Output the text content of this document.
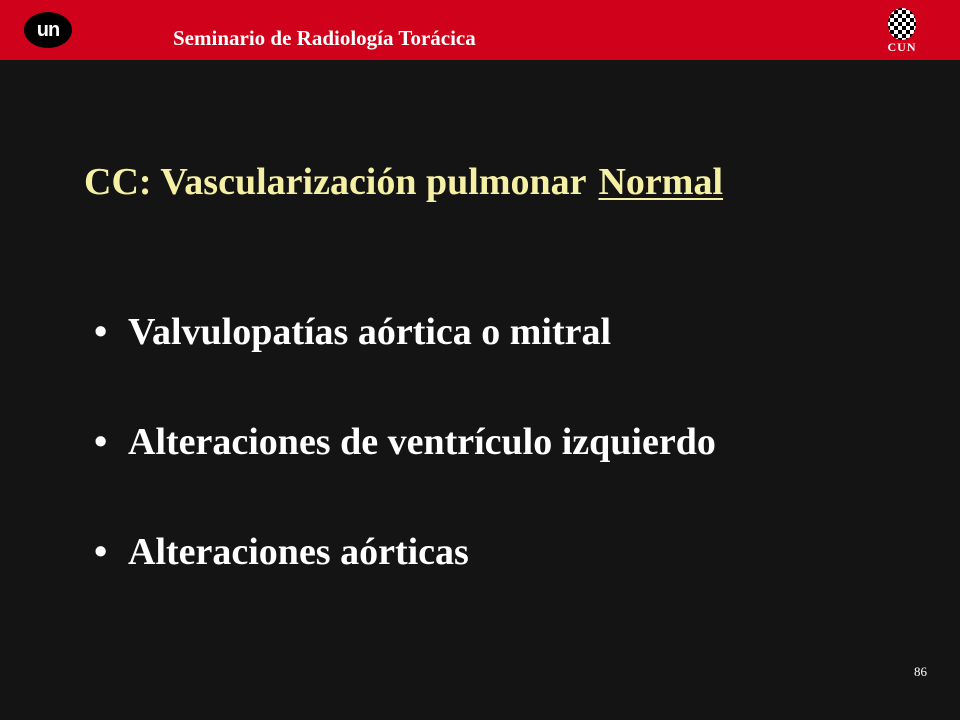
un	Seminario de Radiología Torácica	CUN
CC: Vascularización pulmonar Normal
• Valvulopatías aórtica o mitral
• Alteraciones de ventrículo izquierdo
• Alteraciones aórticas
86
